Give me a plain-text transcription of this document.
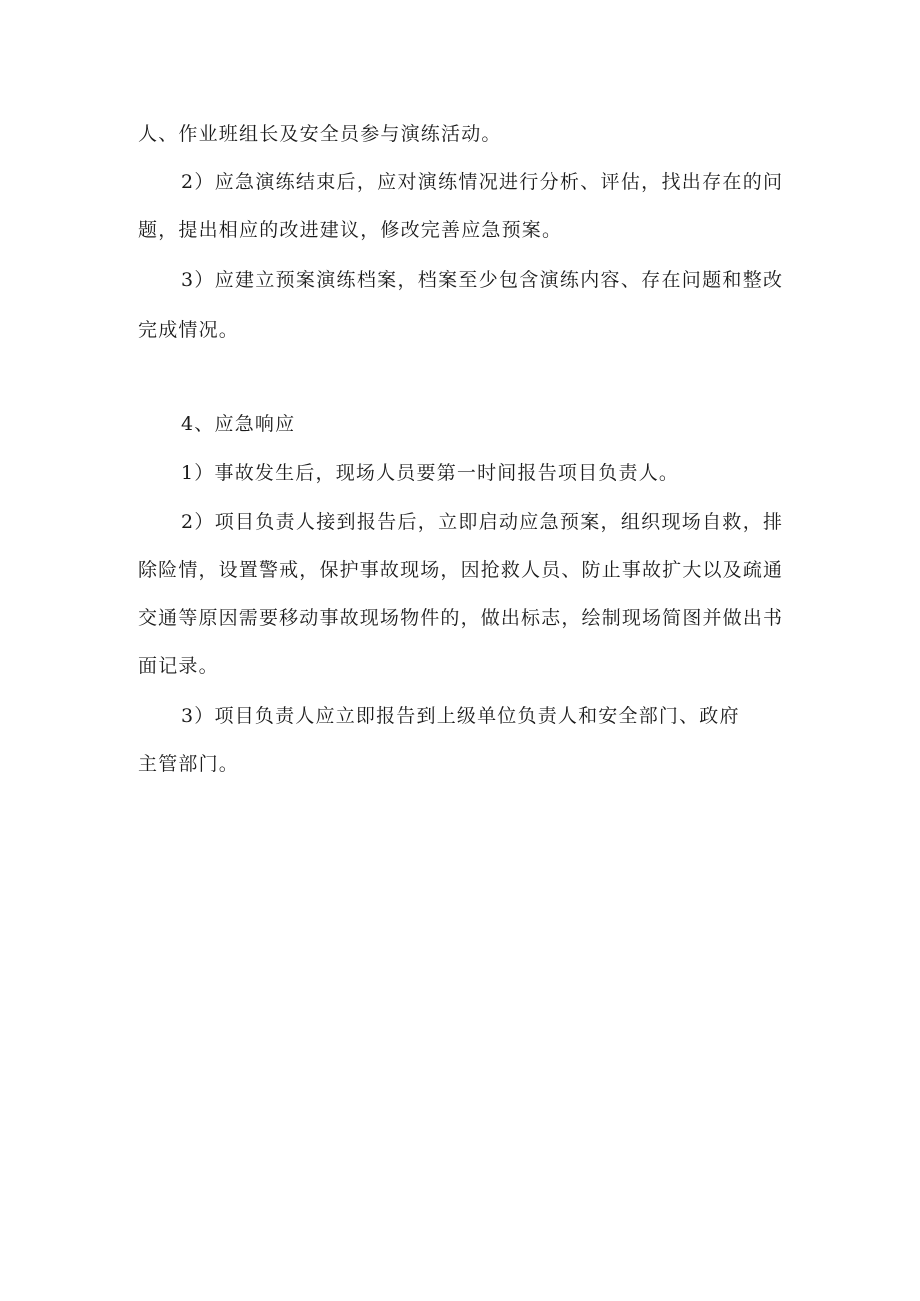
人、作业班组长及安全员参与演练活动。
2）应急演练结束后，应对演练情况进行分析、评估，找出存在的问
题，提出相应的改进建议，修改完善应急预案。
3）应建立预案演练档案，档案至少包含演练内容、存在问题和整改
完成情况。
4、应急响应
1）事故发生后，现场人员要第一时间报告项目负责人。
2）项目负责人接到报告后，立即启动应急预案，组织现场自救，排
除险情，设置警戒，保护事故现场，因抢救人员、防止事故扩大以及疏通
交通等原因需要移动事故现场物件的，做出标志，绘制现场简图并做出书
面记录。
3）项目负责人应立即报告到上级单位负责人和安全部门、政府
主管部门。
